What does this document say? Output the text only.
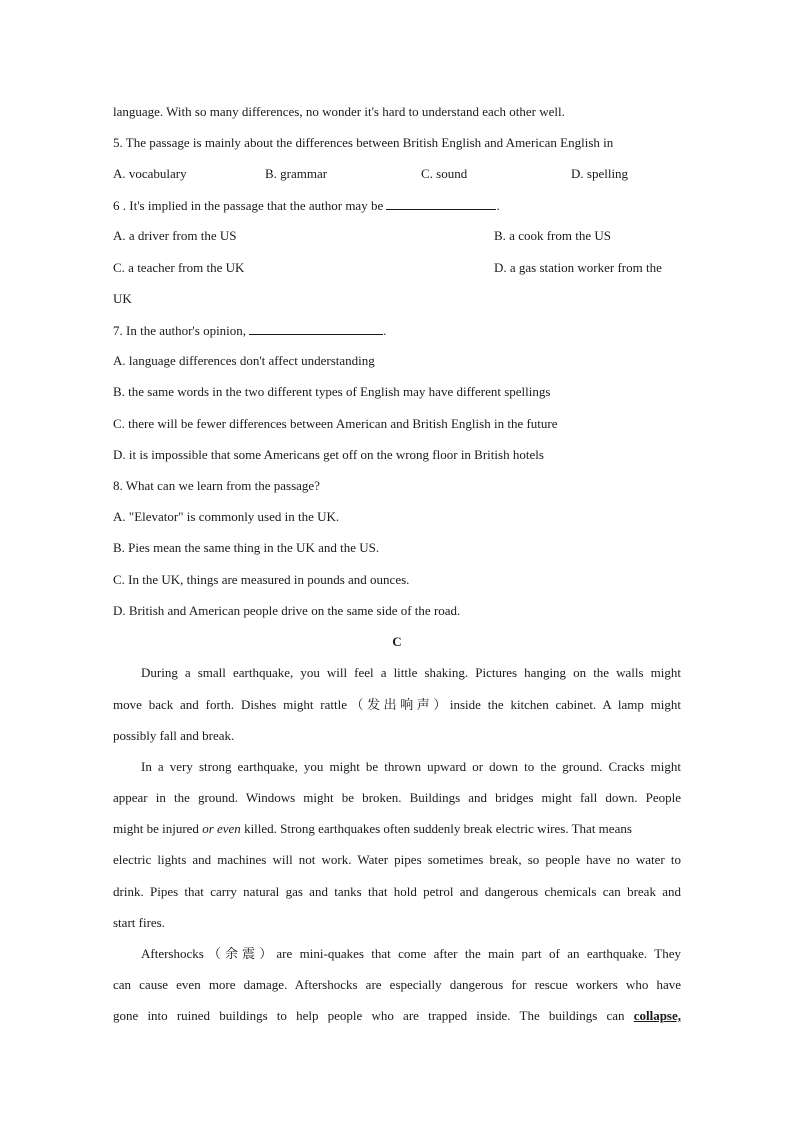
language. With so many differences, no wonder it's hard to understand each other well.
5. The passage is mainly about the differences between British English and American English in
A. vocabulary	B. grammar	C. sound	D. spelling
6 . It's implied in the passage that the author may be	.
A. a driver from the US	B. a cook from the US
C. a teacher from the UK	D. a gas station worker from the
UK
7. In the author's opinion,	.
A. language differences don't affect understanding
B. the same words in the two different types of English may have different spellings
C. there will be fewer differences between American and British English in the future
D. it is impossible that some Americans get off on the wrong floor in British hotels
8. What can we learn from the passage?
A. "Elevator" is commonly used in the UK.
B. Pies mean the same thing in the UK and the US.
C. In the UK, things are measured in pounds and ounces.
D. British and American people drive on the same side of the road.
C
During a small earthquake, you will feel a little shaking. Pictures hanging on the walls might
move back and forth. Dishes might rattle（发出响声）inside the kitchen cabinet. A lamp might
possibly fall and break.
In a very strong earthquake, you might be thrown upward or down to the ground. Cracks might
appear in the ground. Windows might be broken. Buildings and bridges might fall down. People
might be injured or even killed. Strong earthquakes often suddenly break electric wires. That means
electric lights and machines will not work. Water pipes sometimes break, so people have no water to
drink. Pipes that carry natural gas and tanks that hold petrol and dangerous chemicals can break and
start fires.
Aftershocks（余震）are mini-quakes that come after the main part of an earthquake. They
can cause even more damage. Aftershocks are especially dangerous for rescue workers who have
gone into ruined buildings to help people who are trapped inside. The buildings can collapse,
